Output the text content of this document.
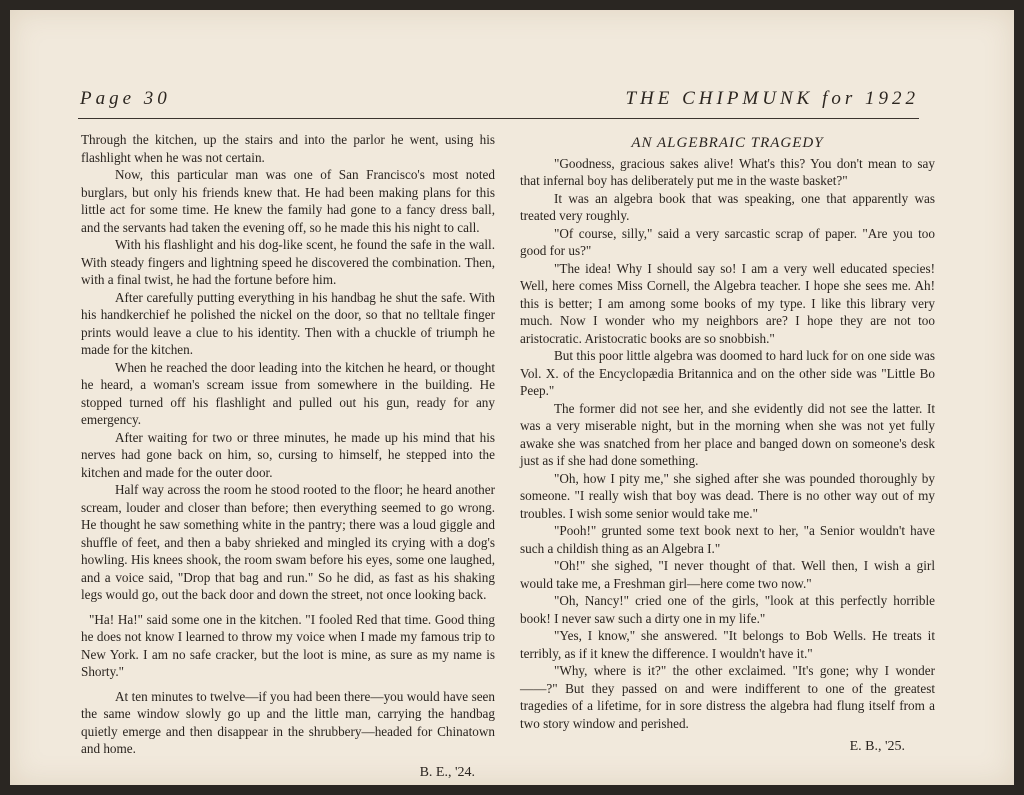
Page 30	THE CHIPMUNK for 1922

Through the kitchen, up the stairs and into the parlor he went, using his flashlight when he was not certain.

Now, this particular man was one of San Francisco's most noted burglars, but only his friends knew that. He had been making plans for this little act for some time. He knew the family had gone to a fancy dress ball, and the servants had taken the evening off, so he made this his night to call.

With his flashlight and his dog-like scent, he found the safe in the wall. With steady fingers and lightning speed he discovered the combination. Then, with a final twist, he had the fortune before him.

After carefully putting everything in his handbag he shut the safe. With his handkerchief he polished the nickel on the door, so that no telltale finger prints would leave a clue to his identity. Then with a chuckle of triumph he made for the kitchen.

When he reached the door leading into the kitchen he heard, or thought he heard, a woman's scream issue from somewhere in the building. He stopped turned off his flashlight and pulled out his gun, ready for any emergency.

After waiting for two or three minutes, he made up his mind that his nerves had gone back on him, so, cursing to himself, he stepped into the kitchen and made for the outer door.

Half way across the room he stood rooted to the floor; he heard another scream, louder and closer than before; then everything seemed to go wrong. He thought he saw something white in the pantry; there was a loud giggle and shuffle of feet, and then a baby shrieked and mingled its crying with a dog's howling. His knees shook, the room swam before his eyes, some one laughed, and a voice said, "Drop that bag and run." So he did, as fast as his shaking legs would go, out the back door and down the street, not once looking back.

"Ha! Ha!" said some one in the kitchen. "I fooled Red that time. Good thing he does not know I learned to throw my voice when I made my famous trip to New York. I am no safe cracker, but the loot is mine, as sure as my name is Shorty."

At ten minutes to twelve—if you had been there—you would have seen the same window slowly go up and the little man, carrying the handbag quietly emerge and then disappear in the shrubbery—headed for Chinatown and home.

B. E., '24.
AN ALGEBRAIC TRAGEDY

"Goodness, gracious sakes alive! What's this? You don't mean to say that infernal boy has deliberately put me in the waste basket?"

It was an algebra book that was speaking, one that apparently was treated very roughly.

"Of course, silly," said a very sarcastic scrap of paper. "Are you too good for us?"

"The idea! Why I should say so! I am a very well educated species! Well, here comes Miss Cornell, the Algebra teacher. I hope she sees me. Ah! this is better; I am among some books of my type. I like this library very much. Now I wonder who my neighbors are? I hope they are not too aristocratic. Aristocratic books are so snobbish."

But this poor little algebra was doomed to hard luck for on one side was Vol. X. of the Encyclopædia Britannica and on the other side was "Little Bo Peep."

The former did not see her, and she evidently did not see the latter. It was a very miserable night, but in the morning when she was not yet fully awake she was snatched from her place and banged down on someone's desk just as if she had done something.

"Oh, how I pity me," she sighed after she was pounded thoroughly by someone. "I really wish that boy was dead. There is no other way out of my troubles. I wish some senior would take me."

"Pooh!" grunted some text book next to her, "a Senior wouldn't have such a childish thing as an Algebra I."

"Oh!" she sighed, "I never thought of that. Well then, I wish a girl would take me, a Freshman girl—here come two now."

"Oh, Nancy!" cried one of the girls, "look at this perfectly horrible book! I never saw such a dirty one in my life."

"Yes, I know," she answered. "It belongs to Bob Wells. He treats it terribly, as if it knew the difference. I wouldn't have it."

"Why, where is it?" the other exclaimed. "It's gone; why I wonder——?" But they passed on and were indifferent to one of the greatest tragedies of a lifetime, for in sore distress the algebra had flung itself from a two story window and perished.

E. B., '25.
